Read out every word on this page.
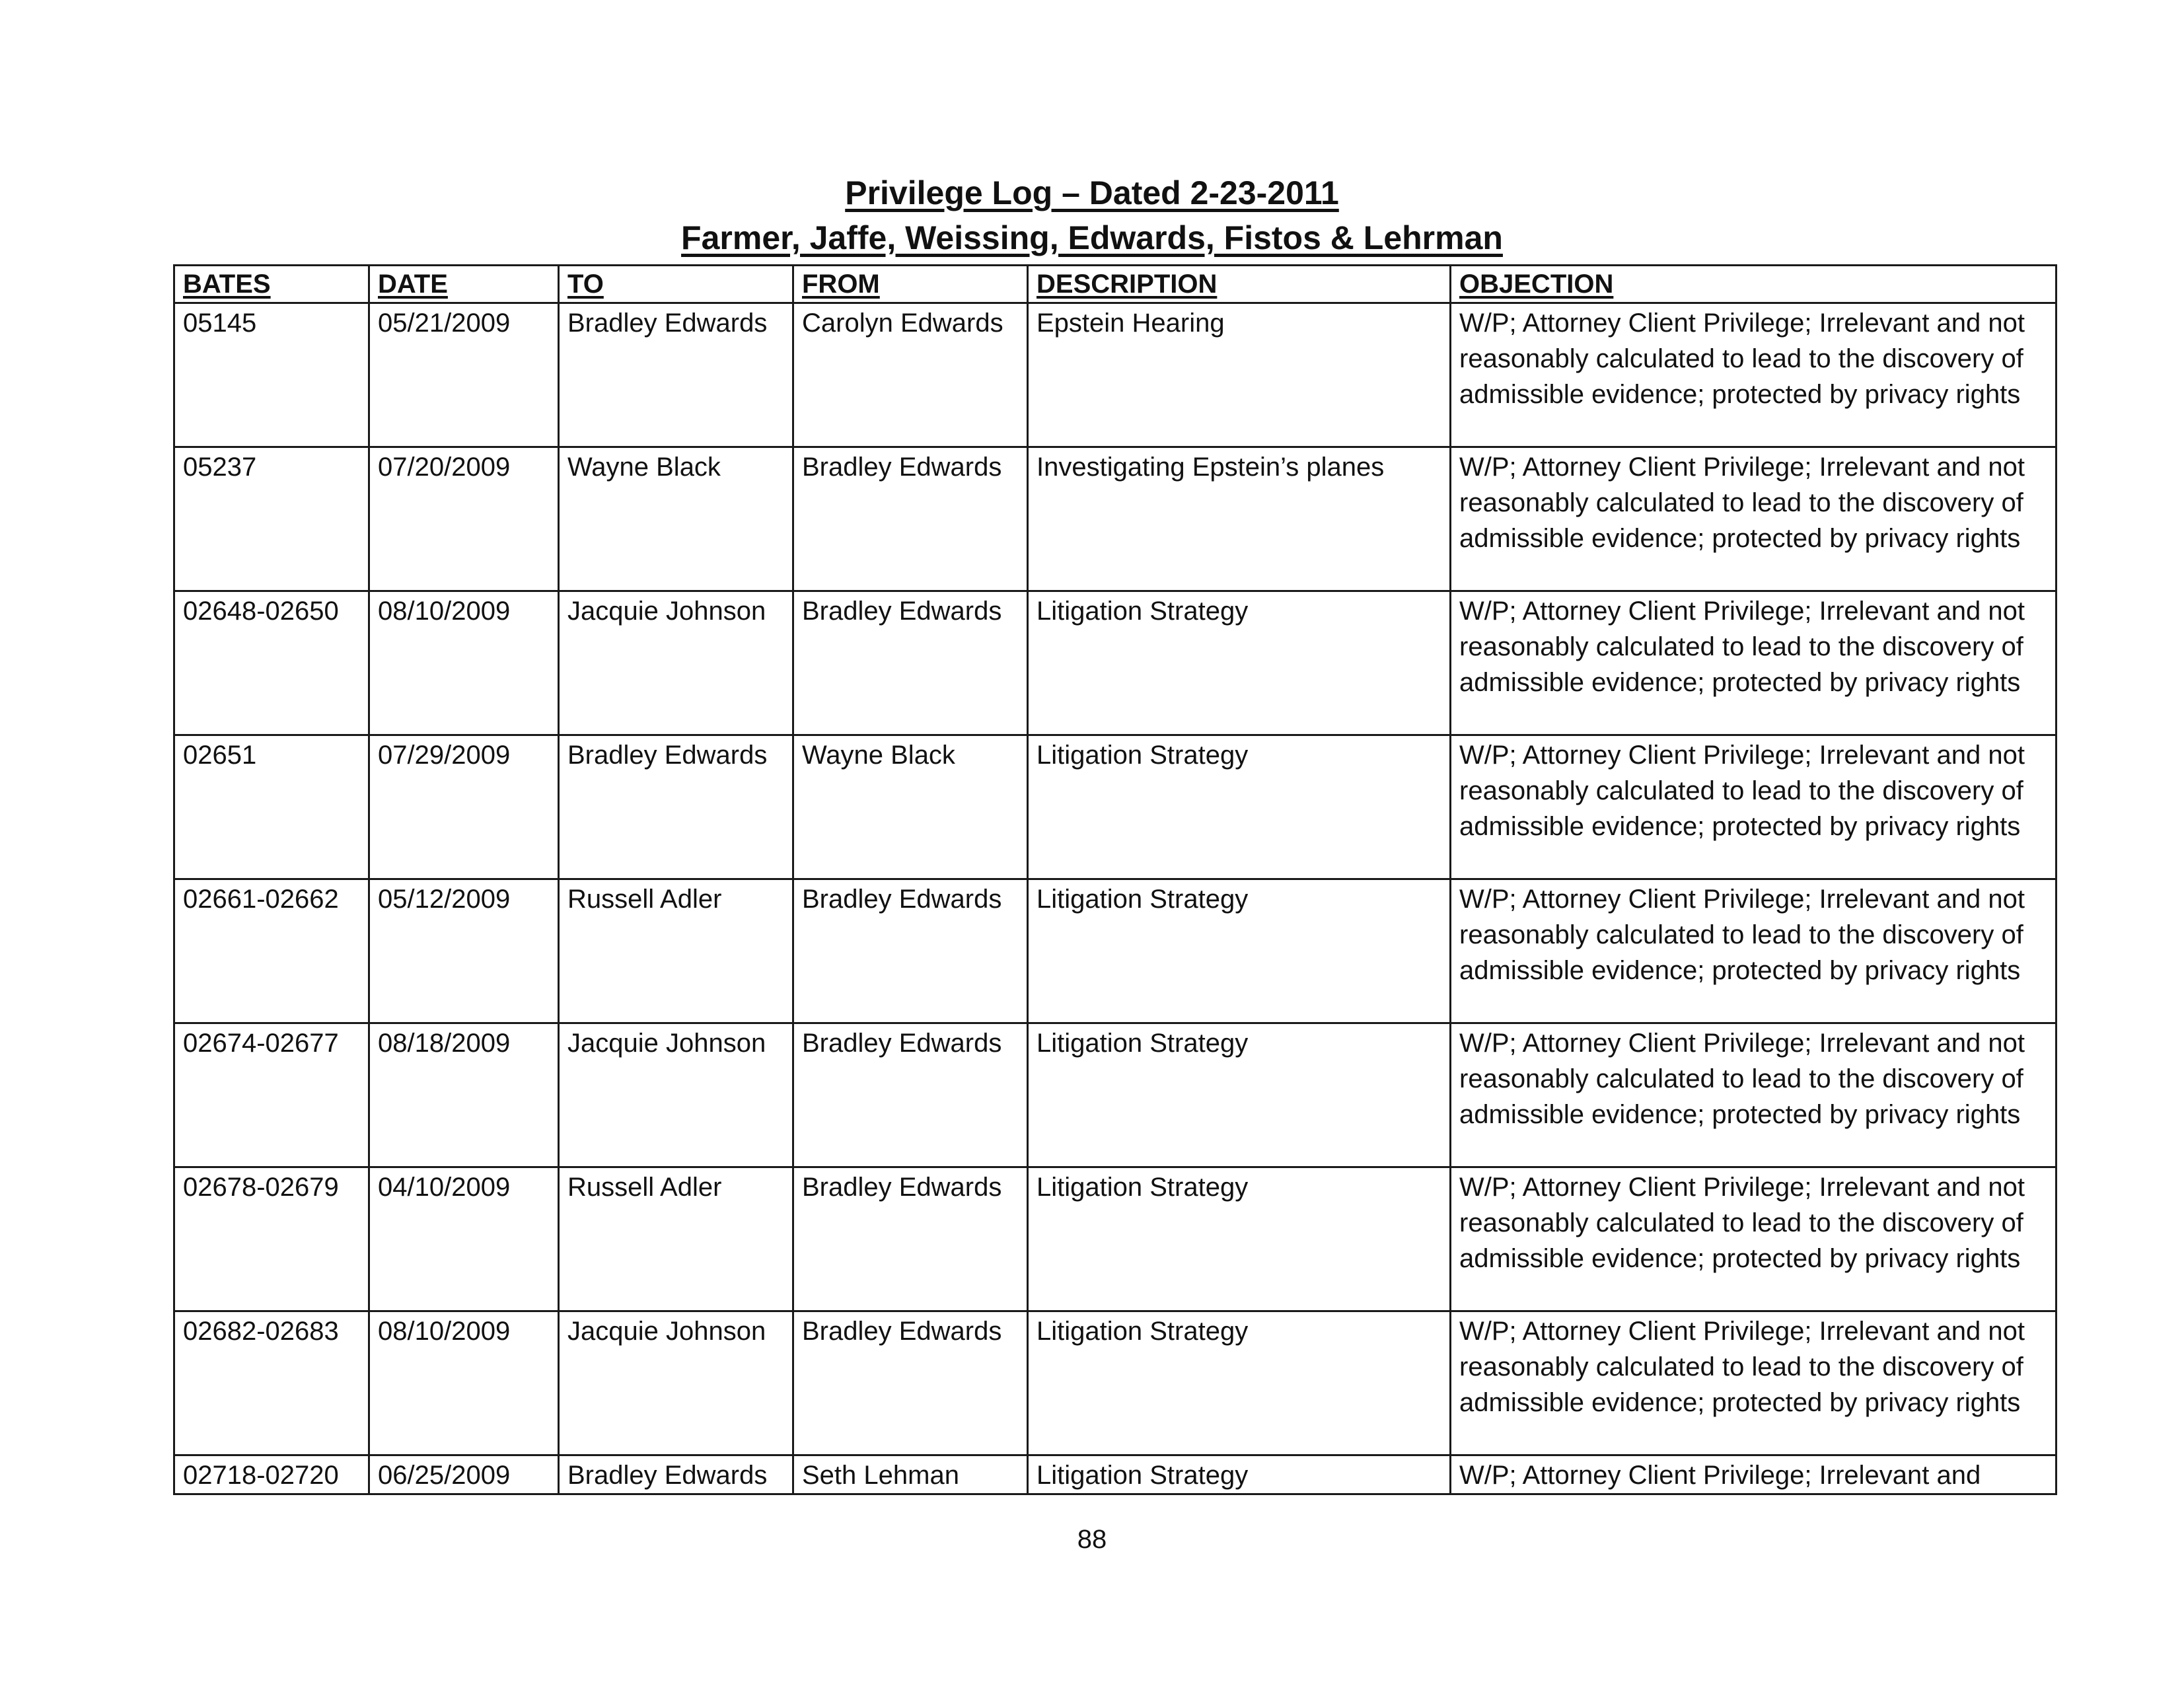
Privilege Log – Dated 2-23-2011
Farmer, Jaffe, Weissing, Edwards, Fistos & Lehrman
BATES	DATE	TO	FROM	DESCRIPTION	OBJECTION
05145	05/21/2009	Bradley Edwards	Carolyn Edwards	Epstein Hearing	W/P; Attorney Client Privilege; Irrelevant and not reasonably calculated to lead to the discovery of admissible evidence; protected by privacy rights
05237	07/20/2009	Wayne Black	Bradley Edwards	Investigating Epstein’s planes	W/P; Attorney Client Privilege; Irrelevant and not reasonably calculated to lead to the discovery of admissible evidence; protected by privacy rights
02648-02650	08/10/2009	Jacquie Johnson	Bradley Edwards	Litigation Strategy	W/P; Attorney Client Privilege; Irrelevant and not reasonably calculated to lead to the discovery of admissible evidence; protected by privacy rights
02651	07/29/2009	Bradley Edwards	Wayne Black	Litigation Strategy	W/P; Attorney Client Privilege; Irrelevant and not reasonably calculated to lead to the discovery of admissible evidence; protected by privacy rights
02661-02662	05/12/2009	Russell Adler	Bradley Edwards	Litigation Strategy	W/P; Attorney Client Privilege; Irrelevant and not reasonably calculated to lead to the discovery of admissible evidence; protected by privacy rights
02674-02677	08/18/2009	Jacquie Johnson	Bradley Edwards	Litigation Strategy	W/P; Attorney Client Privilege; Irrelevant and not reasonably calculated to lead to the discovery of admissible evidence; protected by privacy rights
02678-02679	04/10/2009	Russell Adler	Bradley Edwards	Litigation Strategy	W/P; Attorney Client Privilege; Irrelevant and not reasonably calculated to lead to the discovery of admissible evidence; protected by privacy rights
02682-02683	08/10/2009	Jacquie Johnson	Bradley Edwards	Litigation Strategy	W/P; Attorney Client Privilege; Irrelevant and not reasonably calculated to lead to the discovery of admissible evidence; protected by privacy rights
02718-02720	06/25/2009	Bradley Edwards	Seth Lehman	Litigation Strategy	W/P; Attorney Client Privilege; Irrelevant and
88
